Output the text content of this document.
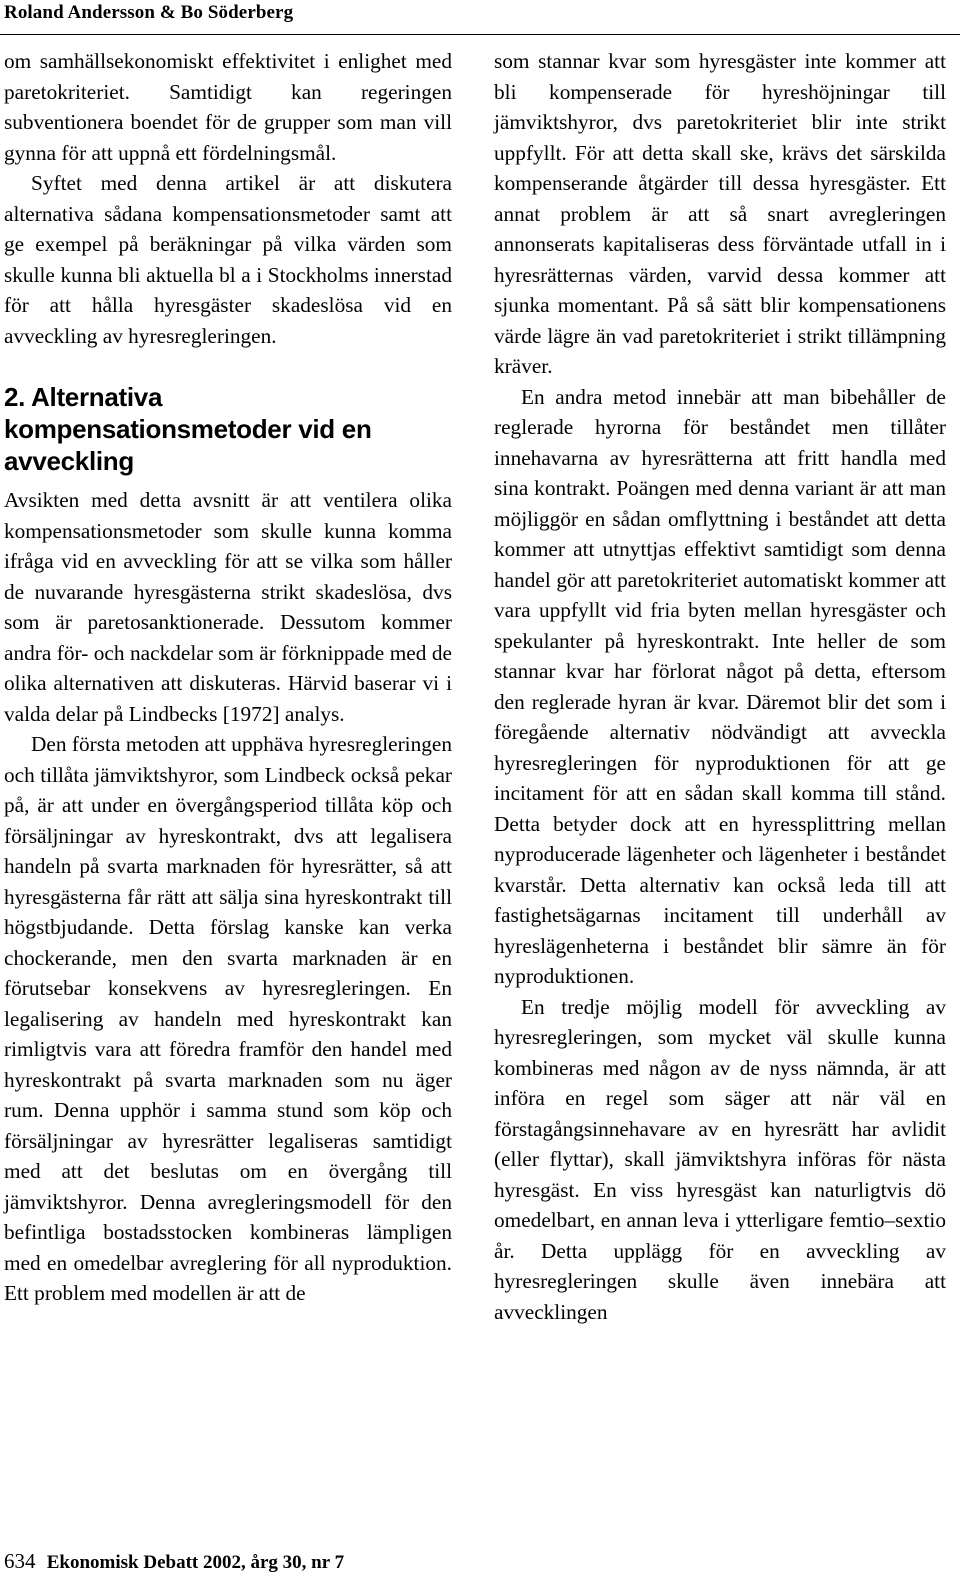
Roland Andersson & Bo Söderberg

om samhällsekonomiskt effektivitet i enlighet med paretokriteriet. Samtidigt kan regeringen subventionera boendet för de grupper som man vill gynna för att uppnå ett fördelningsmål.

Syftet med denna artikel är att diskutera alternativa sådana kompensationsmetoder samt att ge exempel på beräkningar på vilka värden som skulle kunna bli aktuella bl a i Stockholms innerstad för att hålla hyresgäster skadeslösa vid en avveckling av hyresregleringen.

2. Alternativa kompensationsmetoder vid en avveckling

Avsikten med detta avsnitt är att ventilera olika kompensationsmetoder som skulle kunna komma ifråga vid en avveckling för att se vilka som håller de nuvarande hyresgästerna strikt skadeslösa, dvs som är paretosanktionerade. Dessutom kommer andra för- och nackdelar som är förknippade med de olika alternativen att diskuteras. Härvid baserar vi i valda delar på Lindbecks [1972] analys.

Den första metoden att upphäva hyresregleringen och tillåta jämviktshyror, som Lindbeck också pekar på, är att under en övergångsperiod tillåta köp och försäljningar av hyreskontrakt, dvs att legalisera handeln på svarta marknaden för hyresrätter, så att hyresgästerna får rätt att sälja sina hyreskontrakt till högstbjudande. Detta förslag kanske kan verka chockerande, men den svarta marknaden är en förutsebar konsekvens av hyresregleringen. En legalisering av handeln med hyreskontrakt kan rimligtvis vara att föredra framför den handel med hyreskontrakt på svarta marknaden som nu äger rum. Denna upphör i samma stund som köp och försäljningar av hyresrätter legaliseras samtidigt med att det beslutas om en övergång till jämviktshyror. Denna avregleringsmodell för den befintliga bostadsstocken kombineras lämpligen med en omedelbar avreglering för all nyproduktion. Ett problem med modellen är att de

som stannar kvar som hyresgäster inte kommer att bli kompenserade för hyreshöjningar till jämviktshyror, dvs paretokriteriet blir inte strikt uppfyllt. För att detta skall ske, krävs det särskilda kompenserande åtgärder till dessa hyresgäster. Ett annat problem är att så snart avregleringen annonserats kapitaliseras dess förväntade utfall in i hyresrätternas värden, varvid dessa kommer att sjunka momentant. På så sätt blir kompensationens värde lägre än vad paretokriteriet i strikt tillämpning kräver.

En andra metod innebär att man bibehåller de reglerade hyrorna för beståndet men tillåter innehavarna av hyresrätterna att fritt handla med sina kontrakt. Poängen med denna variant är att man möjliggör en sådan omflyttning i beståndet att detta kommer att utnyttjas effektivt samtidigt som denna handel gör att paretokriteriet automatiskt kommer att vara uppfyllt vid fria byten mellan hyresgäster och spekulanter på hyreskontrakt. Inte heller de som stannar kvar har förlorat något på detta, eftersom den reglerade hyran är kvar. Däremot blir det som i föregående alternativ nödvändigt att avveckla hyresregleringen för nyproduktionen för att ge incitament för att en sådan skall komma till stånd. Detta betyder dock att en hyressplittring mellan nyproducerade lägenheter och lägenheter i beståndet kvarstår. Detta alternativ kan också leda till att fastighetsägarnas incitament till underhåll av hyreslägenheterna i beståndet blir sämre än för nyproduktionen.

En tredje möjlig modell för avveckling av hyresregleringen, som mycket väl skulle kunna kombineras med någon av de nyss nämnda, är att införa en regel som säger att när väl en förstagångsinnehavare av en hyresrätt har avlidit (eller flyttar), skall jämviktshyra införas för nästa hyresgäst. En viss hyresgäst kan naturligtvis dö omedelbart, en annan leva i ytterligare femtio–sextio år. Detta upplägg för en avveckling av hyresregleringen skulle även innebära att avvecklingen

634 Ekonomisk Debatt 2002, årg 30, nr 7
